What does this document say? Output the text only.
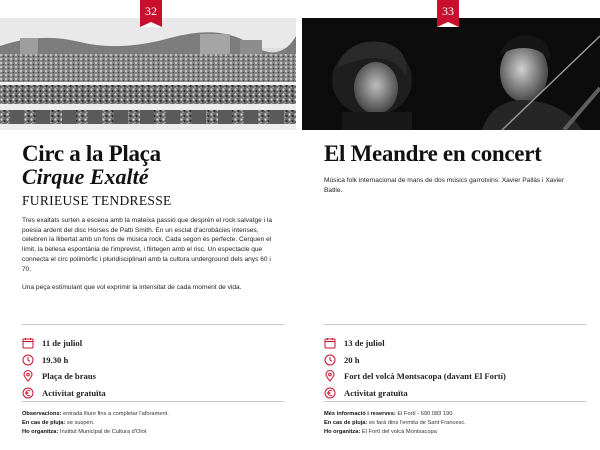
32
Circ a la Plaça
Cirque Exalté
FURIEUSE TENDRESSE

Tres exaltats surten a escena amb la mateixa passió que desprèn el rock salvatge i la poesia ardent del disc Horses de Patti Smith. En un esclat d'acrobàcies intenses, celebren la llibertat amb un fons de música rock. Cada segon és perfecte. Cerquen el límit, la bellesa espontània de l'imprevist, i flirtegen amb el risc. Un espectacle que connecta el circ polimòrfic i pluridisciplinari amb la cultura underground dels anys 60 i 70.

Una peça estimulant que vol exprimir la intensitat de cada moment de vida.

11 de juliol
19.30 h
Plaça de braus
Activitat gratuïta
Observacions: entrada lliure fins a completar l'aforament.
En cas de pluja: se suspèn.
Ho organitza: Institut Municipal de Cultura d'Olot
33
El Meandre en concert

Música folk internacional de mans de dos músics garrotxins: Xavier Pallàs i Xavier Batlle.

13 de juliol
20 h
Fort del volcà Montsacopa (davant El Fortí)
Activitat gratuïta
Més informació i reserves: El Fortí - 690 083 190
En cas de pluja: es farà dins l'ermita de Sant Francesc.
Ho organitza: El Fortí del volcà Montsacopa
